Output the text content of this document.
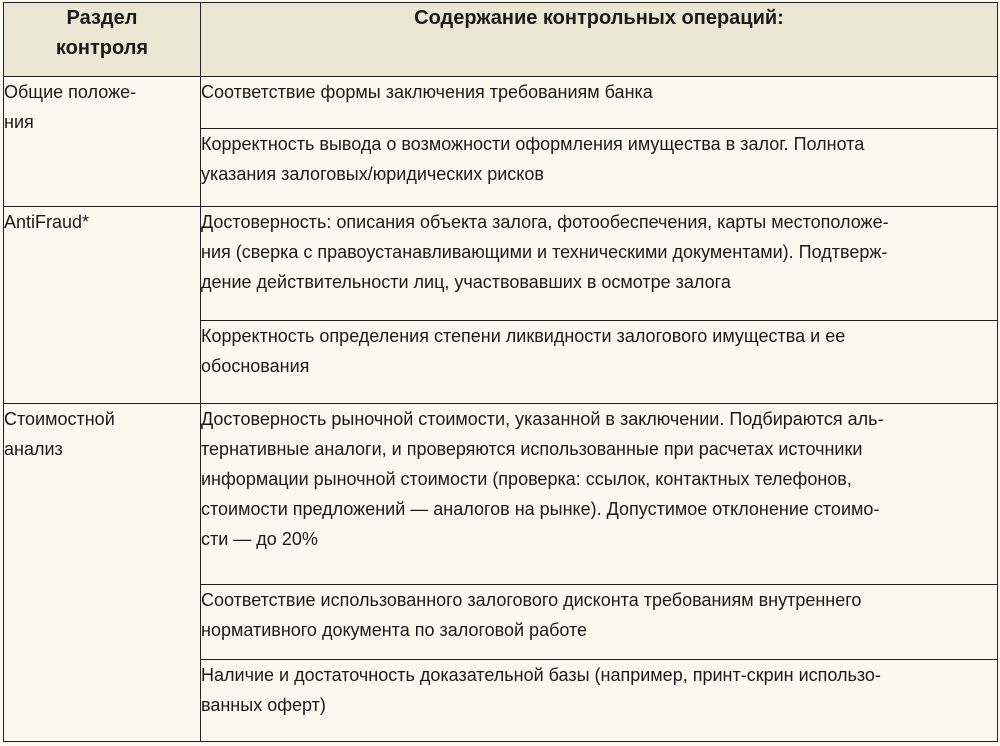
Раздел
контроля	Содержание контрольных операций:
Общие положе-
ния	Соответствие формы заключения требованиям банка
	Корректность вывода о возможности оформления имущества в залог. Полнота
указания залоговых/юридических рисков
AntiFraud*	Достоверность: описания объекта залога, фотообеспечения, карты местоположе-
ния (сверка с правоустанавливающими и техническими документами). Подтверж-
дение действительности лиц, участвовавших в осмотре залога
	Корректность определения степени ликвидности залогового имущества и ее
обоснования
Стоимостной
анализ	Достоверность рыночной стоимости, указанной в заключении. Подбираются аль-
тернативные аналоги, и проверяются использованные при расчетах источники
информации рыночной стоимости (проверка: ссылок, контактных телефонов,
стоимости предложений — аналогов на рынке). Допустимое отклонение стоимо-
сти — до 20%
	Соответствие использованного залогового дисконта требованиям внутреннего
нормативного документа по залоговой работе
	Наличие и достаточность доказательной базы (например, принт-скрин использо-
ванных оферт)
